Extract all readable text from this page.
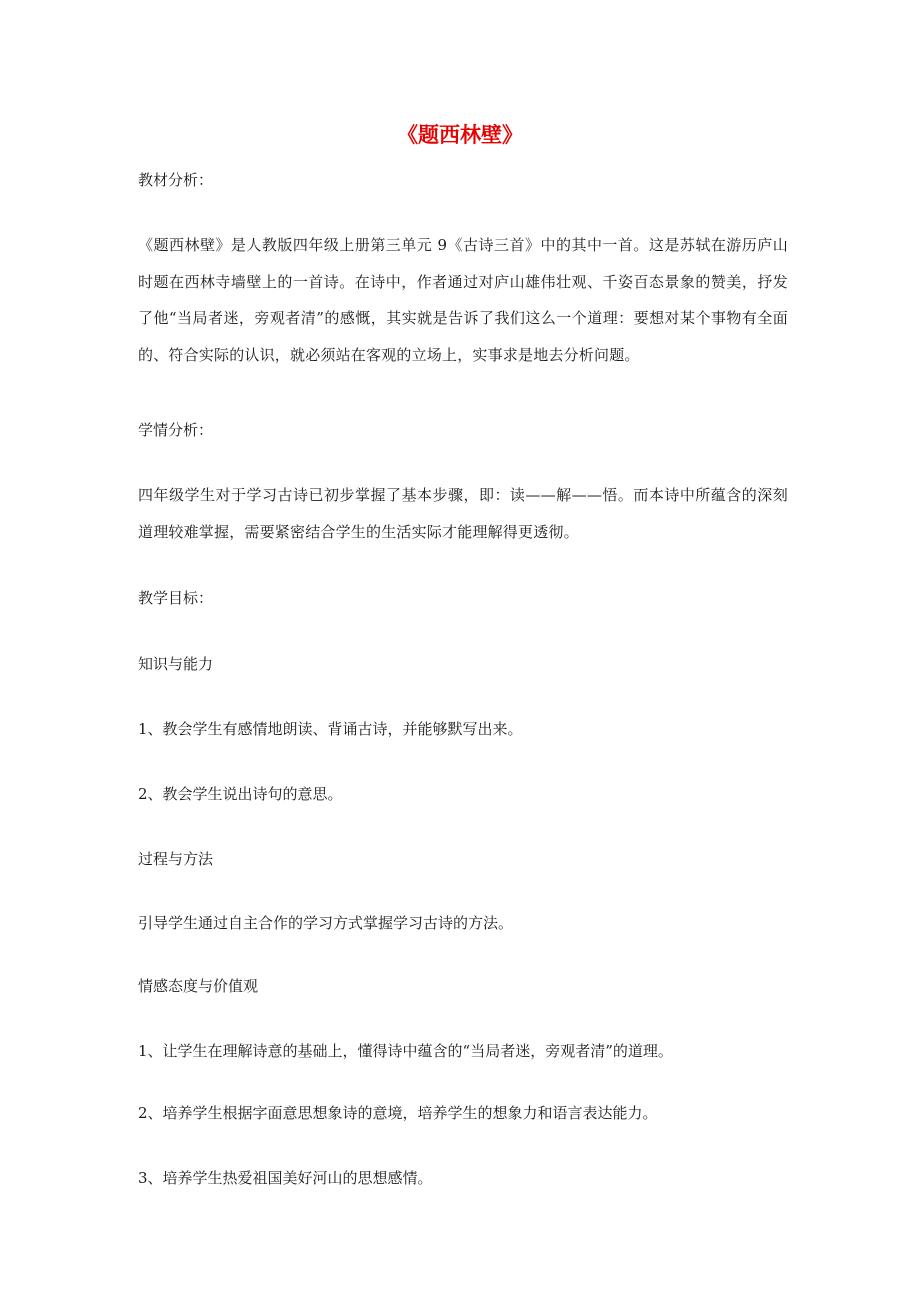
《题西林壁》

教材分析：

《题西林壁》是人教版四年级上册第三单元 9《古诗三首》中的其中一首。这是苏轼在游历庐山时题在西林寺墙壁上的一首诗。在诗中，作者通过对庐山雄伟壮观、千姿百态景象的赞美，抒发了他“当局者迷，旁观者清”的感慨，其实就是告诉了我们这么一个道理：要想对某个事物有全面的、符合实际的认识，就必须站在客观的立场上，实事求是地去分析问题。

学情分析：

四年级学生对于学习古诗已初步掌握了基本步骤，即：读——解——悟。而本诗中所蕴含的深刻道理较难掌握，需要紧密结合学生的生活实际才能理解得更透彻。

教学目标：

知识与能力

1、教会学生有感情地朗读、背诵古诗，并能够默写出来。

2、教会学生说出诗句的意思。

过程与方法

引导学生通过自主合作的学习方式掌握学习古诗的方法。

情感态度与价值观

1、让学生在理解诗意的基础上，懂得诗中蕴含的“当局者迷，旁观者清”的道理。

2、培养学生根据字面意思想象诗的意境，培养学生的想象力和语言表达能力。

3、培养学生热爱祖国美好河山的思想感情。
